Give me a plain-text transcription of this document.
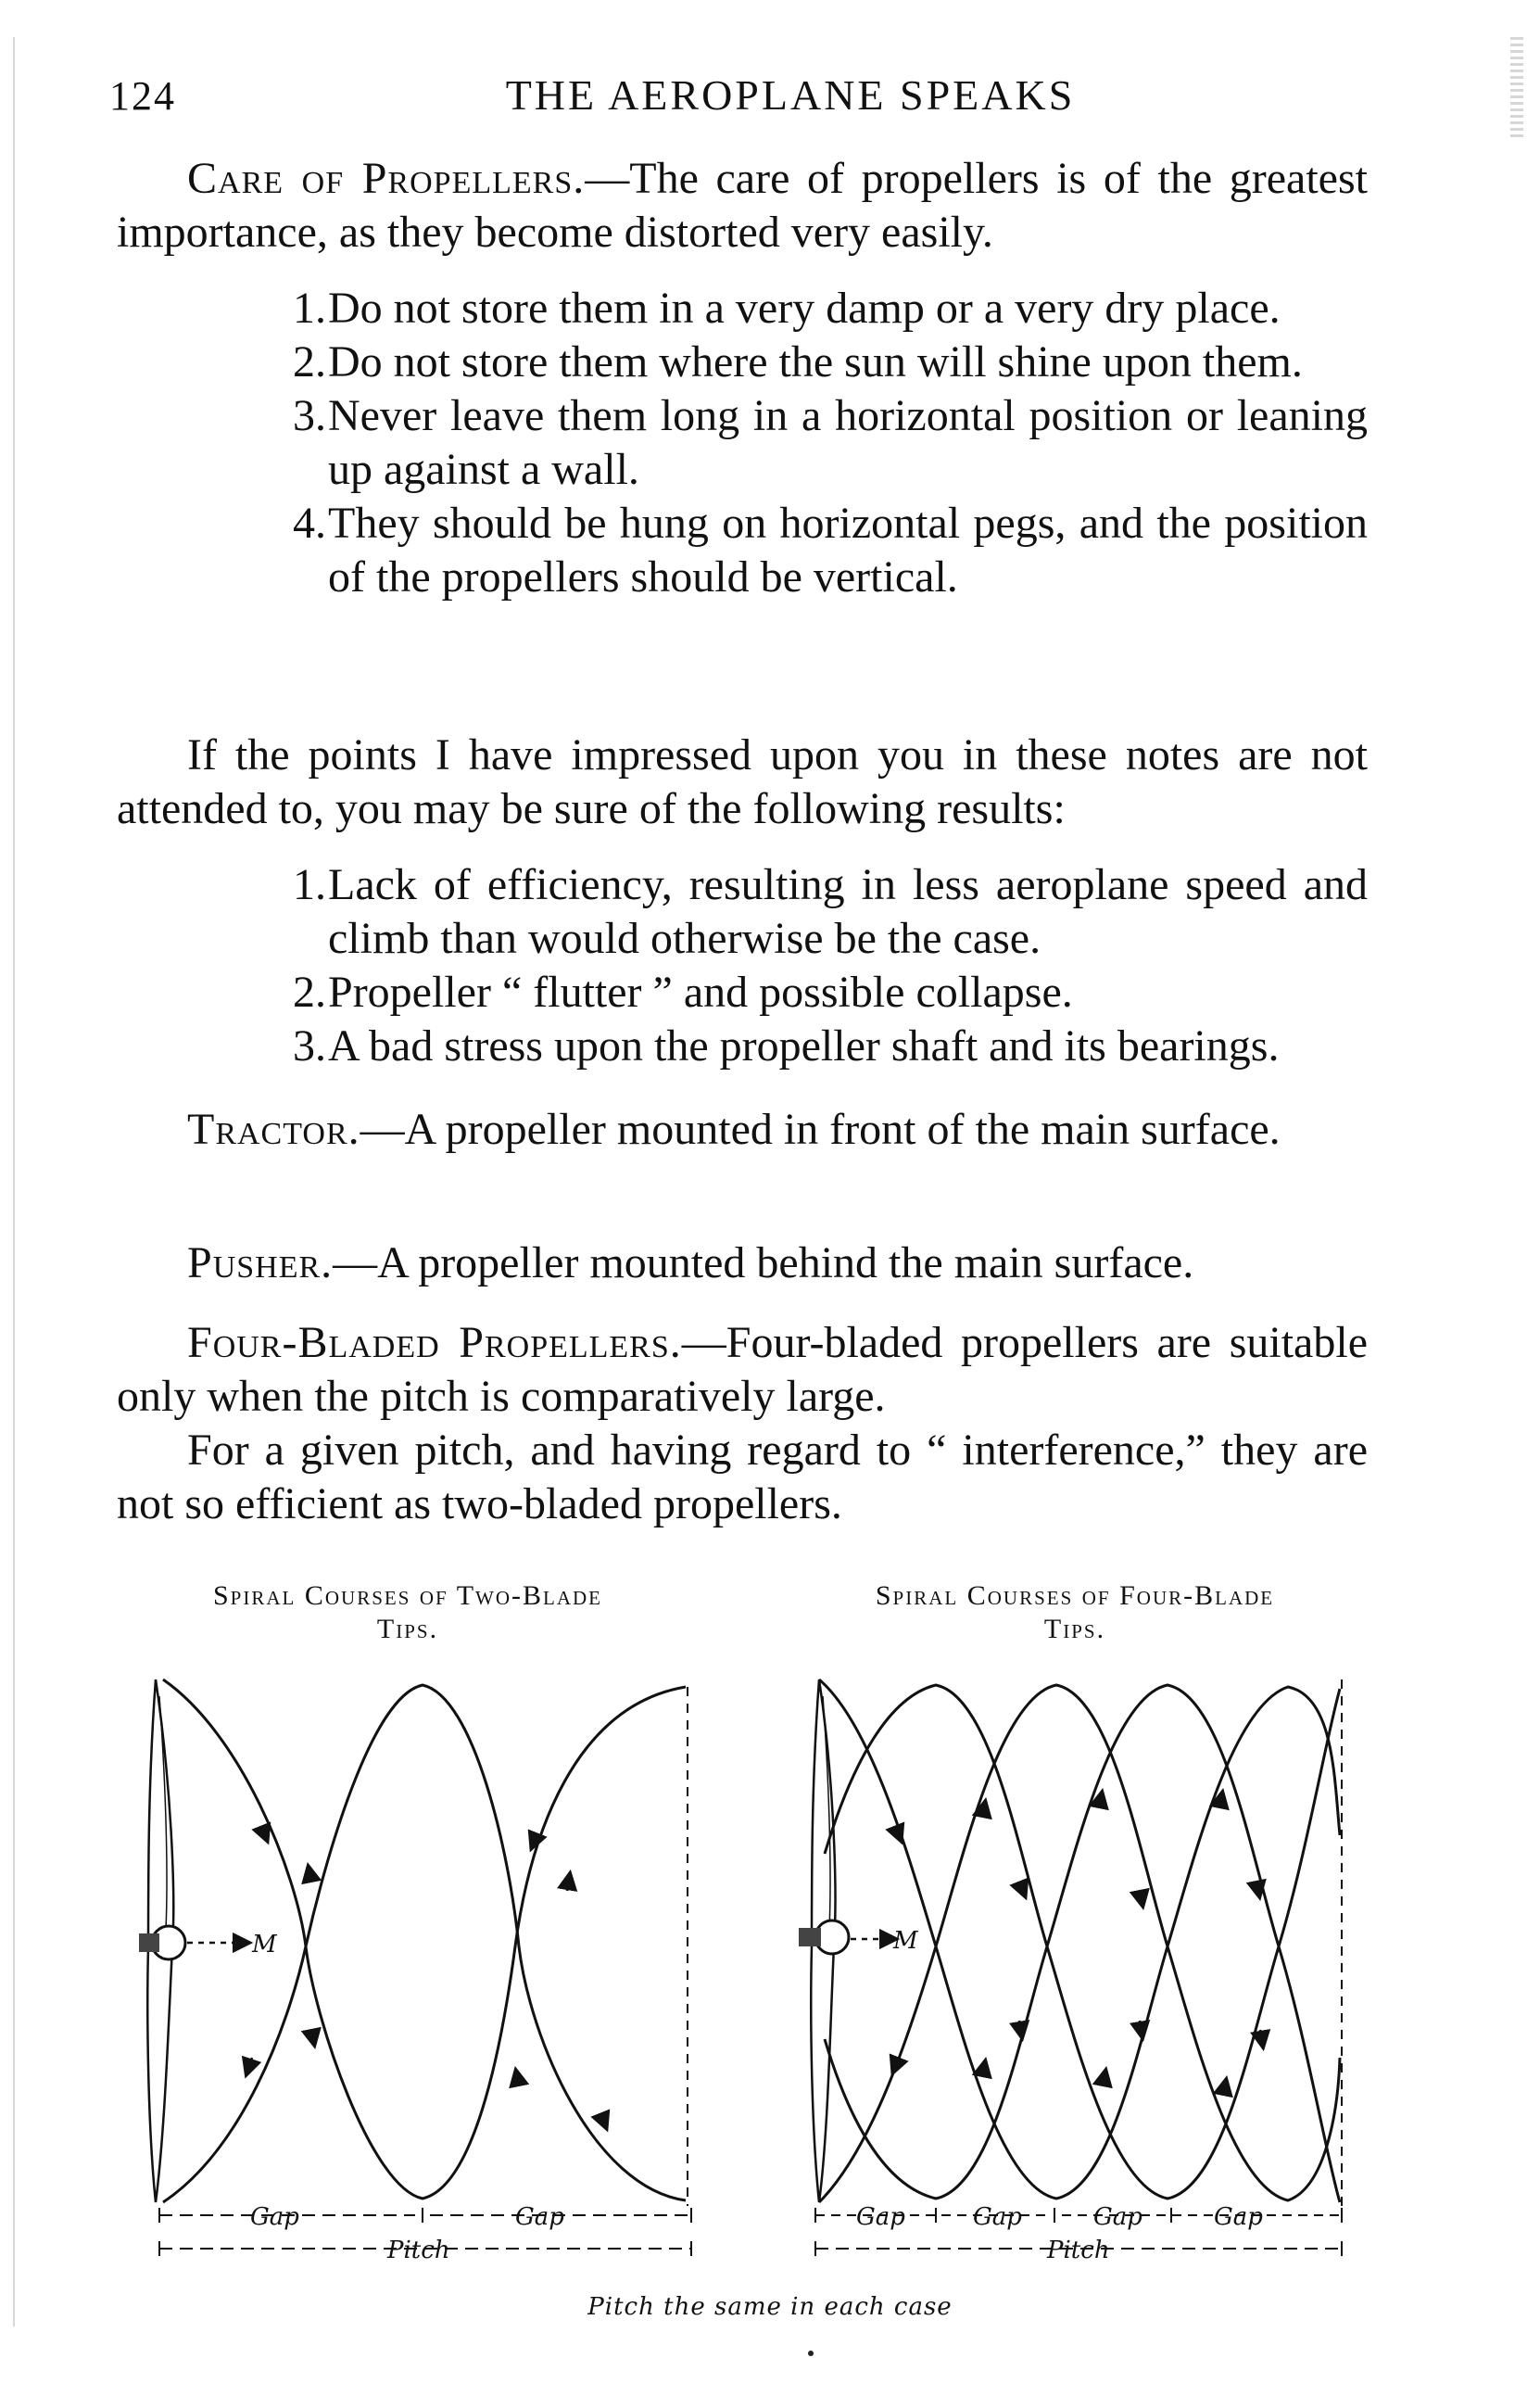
124	THE AEROPLANE SPEAKS

Care of Propellers.—The care of propellers is of the greatest importance, as they become distorted very easily.

1.Do not store them in a very damp or a very dry place.
2.Do not store them where the sun will shine upon them.
3.Never leave them long in a horizontal position or leaning up against a wall.
4.They should be hung on horizontal pegs, and the position of the propellers should be vertical.

If the points I have impressed upon you in these notes are not attended to, you may be sure of the following results:

1.Lack of efficiency, resulting in less aeroplane speed and climb than would otherwise be the case.
2.Propeller “ flutter ” and possible collapse.
3.A bad stress upon the propeller shaft and its bearings.

Tractor.—A propeller mounted in front of the main surface.

Pusher.—A propeller mounted behind the main surface.

Four-Bladed Propellers.—Four-bladed propellers are suitable only when the pitch is comparatively large.

For a given pitch, and having regard to “ interference,” they are not so efficient as two-bladed propellers.

Spiral Courses of Two-Blade
Tips.
Spiral Courses of Four-Blade
Tips.
M
Gap	Gap
Pitch
M
Gap	Gap	Gap	Gap
Pitch
Pitch the same in each case
